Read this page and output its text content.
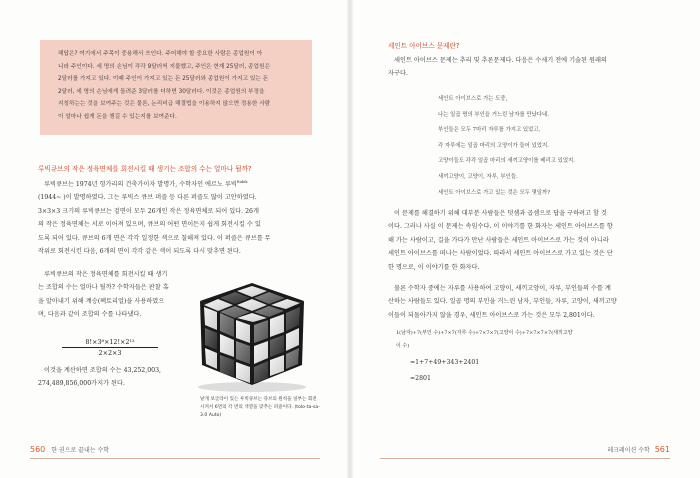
해답은? 여기에서 주목이 중용해서 쓰인다. 주어해야 할 중요한 사람은 종업원이 아

니라 주인이다. 세 명의 손님이 각각 9달러씩 지불했고, 주인은 현재 25달러, 종업원은

2달러를 가지고 있다. 이때 주인이 가지고 있는 돈 25달러와 종업원이 가지고 있는 돈

2달러, 세 명의 손님에게 돌려준 3달러를 더하면 30달러다. 이것은 종업원의 부정을

지칭하는는 것을 보여주는 것은 물론, 논리비급 해결법을 이용하지 않으면 정용한 사람

이 얼마나 쉽게 돈을 챙길 수 있는지를 보여준다.

루빅큐브의 작은 정육면체를 회전시킬 때 생기는 조합의 수는 얼마나 될까?
루빅큐브는 1974년 헝가리의 건축가이자 발명가, 수학자인 에르노 루빅$^{Rubik}$
(1944~ )이 발명하였다. 그는 루빅스 큐브 퍼즐 등 다른 퍼즐도 많이 고안하였다.
3×3×3 크기의 루빅큐브는 겉면이 모두 26개인 작은 정육면체로 되어 있다. 26개
의 작은 정육면체는 서로 이어져 있으며, 큐브의 어떤 면이든지 쉽게 회전시킬 수 있
도록 되어 있다. 큐브의 6개 면은 각각 일정한 색으로 칠해져 있다. 이 퍼즐은 큐브를 무
작위로 회전시킨 다음, 6개의 면이 각각 같은 색이 되도록 다시 맞추면 된다.
루빅큐브의 작은 정육면체를 회전시킬 때 생기
는 조합의 수는 얼마나 될까? 수학자들은 판찰 혹
을 알아내기 위해 계승(팩토리얼)을 사용하였으
며, 다음과 같이 조합의 수를 나타냈다.
$\frac{\text{8!×3⁸×12!×2¹²}}{2\times 2\times 3}$
이것을 계산하면 조합의 수는 43,252,003,
274,489,856,000가지가 된다.
낱개 보글라이 있는 루빅큐브는 큐브의 원칙을 일부는 회전시켜서 6면의 각 면의 색깔을 맞추는 퍼즐이다. (tolo-ta-sa-3.0 Auto)
560 한 권으로 끝내는 수학
세인트 아이브스 문제란?
세인트 아이브스 문제는 추리 및 추론문제다. 다음은 수세기 전에 기술된 원래의
자구다.
세인트 아이브스로 가는 도중,
나는 일곱 명의 부인을 거느린 남자를 만났다네.
부인들은 모두 7마리 자루를 가지고 있었고,
각 자루에는 일곱 마리의 고양이가 들어 있었지.
고양이들도 각각 일곱 마리의 새끼고양이를 베리고 있었지.
새끼고양이, 고양이, 자루, 부인들.
세인트 아이브스로 가고 있는 것은 모두 몇일까?
이 문제를 해결하기 위해 대부분 사람들은 덧셈과 곱셈으로 답을 구하려고 할 것
이다. 그러나 사실 이 문제는 속임수다. 이 이야기를 한 화자는 세인트 아이브스를 향
해 가는 사람이고, 길을 가다가 만난 사람들은 세인트 아이브스로 가는 것이 아니라
세인트 아이브스를 떠나는 사람이었다. 따라서 세인트 아이브스로 가고 있는 것은 단
한 명으로, 이 이야기를 한 화자다.
물론 수학자 중에는 자루를 사용하여 고양이, 새끼고양이, 자루, 부인들의 수를 계
산하는 사람들도 있다. 일곱 명의 부인을 거느린 남자, 부인들, 자루, 고양이, 새끼고양
이들이 되돌아가지 않을 경우, 세인트 아이브스로 가는 것은 모두 2,801이다.
1(남자)+7(부인 수)+7×7(자루 수)+7×7×7(고양이 수)+7×7×7×7(새끼고양
이 수)
=1+7+49+343+2401
=2801
레크레이션 수학 561
